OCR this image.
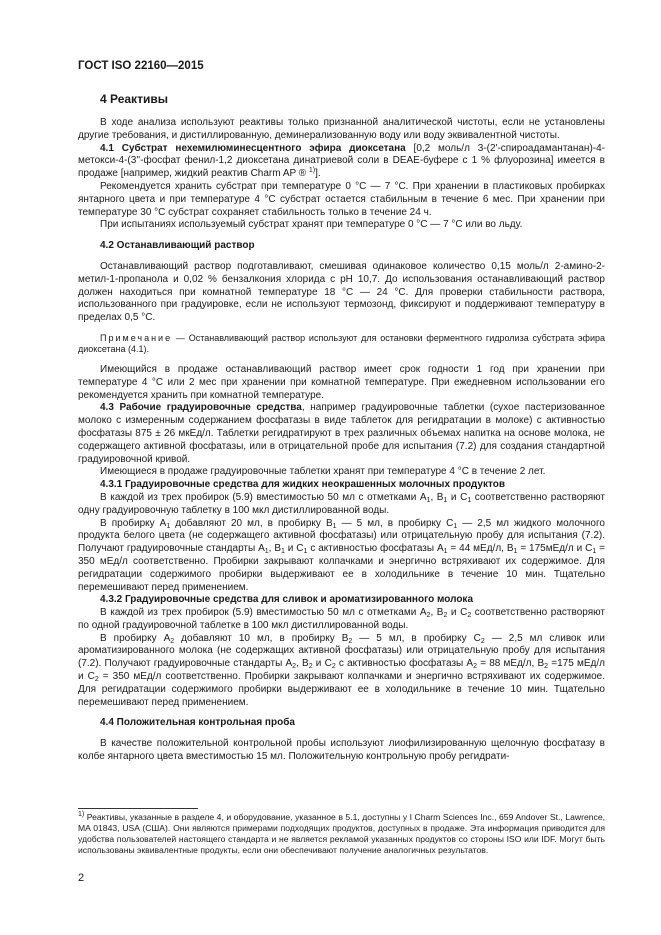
ГОСТ ISO 22160—2015

4 Реактивы

В ходе анализа используют реактивы только признанной аналитической чистоты, если не установлены другие требования, и дистиллированную, деминерализованную воду или воду эквивалентной чистоты.

4.1 Субстрат нехемилюминесцентного эфира диоксетана [0,2 моль/л 3-(2'-спироадамантанан)-4-метокси-4-(3''-фосфат фенил-1,2 диоксетана динатриевой соли в DEAE-буфере с 1 % флуорозина] имеется в продаже [например, жидкий реактив Charm AP ® $^{1)}$].

Рекомендуется хранить субстрат при температуре 0 °С — 7 °С. При хранении в пластиковых пробирках янтарного цвета и при температуре 4 °С субстрат остается стабильным в течение 6 мес. При хранении при температуре 30 °С субстрат сохраняет стабильность только в течение 24 ч.

При испытаниях используемый субстрат хранят при температуре 0 °С — 7 °С или во льду.

4.2 Останавливающий раствор

Останавливающий раствор подготавливают, смешивая одинаковое количество 0,15 моль/л 2-амино-2-метил-1-пропанола и 0,02 % бензалкония хлорида с pH 10,7. До использования останавливающий раствор должен находиться при комнатной температуре 18 °С — 24 °С. Для проверки стабильности раствора, использованного при градуировке, если не используют термозонд, фиксируют и поддерживают температуру в пределах 0,5 °С.

Примечание — Останавливающий раствор используют для остановки ферментного гидролиза субстрата эфира диоксетана (4.1).

Имеющийся в продаже останавливающий раствор имеет срок годности 1 год при хранении при температуре 4 °С или 2 мес при хранении при комнатной температуре. При ежедневном использовании его рекомендуется хранить при комнатной температуре.

4.3 Рабочие градуировочные средства, например градуировочные таблетки (сухое пастеризованное молоко с измеренным содержанием фосфатазы в виде таблеток для регидратации в молоке) с активностью фосфатазы 875 ± 26 мкЕд/л. Таблетки регидратируют в трех различных объемах напитка на основе молока, не содержащего активной фосфатазы, или в отрицательной пробе для испытания (7.2) для создания стандартной градуировочной кривой.

Имеющиеся в продаже градуировочные таблетки хранят при температуре 4 °С в течение 2 лет.

4.3.1 Градуировочные средства для жидких неокрашенных молочных продуктов

В каждой из трех пробирок (5.9) вместимостью 50 мл с отметками $A_1$, $B_1$ и $C_1$ соответственно растворяют одну градуировочную таблетку в 100 мкл дистиллированной воды.

В пробирку $A_1$ добавляют 20 мл, в пробирку $B_1$ — 5 мл, в пробирку $C_1$ — 2,5 мл жидкого молочного продукта белого цвета (не содержащего активной фосфатазы) или отрицательную пробу для испытания (7.2). Получают градуировочные стандарты $A_1$, $B_1$ и $C_1$ с активностью фосфатазы $A_1 = 44$ мЕд/л, $B_1 = 175мЕд/л$ и $C_1 = 350$ мЕд/л соответственно. Пробирки закрывают колпачками и энергично встряхивают их содержимое. Для регидратации содержимого пробирки выдерживают ее в холодильнике в течение 10 мин. Тщательно перемешивают перед применением.

4.3.2 Градуировочные средства для сливок и ароматизированного молока

В каждой из трех пробирок (5.9) вместимостью 50 мл с отметками $A_2$, $B_2$ и $C_2$ соответственно растворяют по одной градуировочной таблетке в 100 мкл дистиллированной воды.

В пробирку $A_2$ добавляют 10 мл, в пробирку $B_2$ — 5 мл, в пробирку $C_2$ — 2,5 мл сливок или ароматизированного молока (не содержащих активной фосфатазы) или отрицательную пробу для испытания (7.2). Получают градуировочные стандарты $A_2$, $B_2$ и $C_2$ с активностью фосфатазы $A_2 = 88$ мЕд/л, $B_2 =175$ мЕд/л и $C_2 = 350$ мЕд/л соответственно. Пробирки закрывают колпачками и энергично встряхивают их содержимое. Для регидратации содержимого пробирки выдерживают ее в холодильнике в течение 10 мин. Тщательно перемешивают перед применением.

4.4 Положительная контрольная проба

В качестве положительной контрольной пробы используют лиофилизированную щелочную фосфатазу в колбе янтарного цвета вместимостью 15 мл. Положительную контрольную пробу регидрати-

$^{1)}$ Реактивы, указанные в разделе 4, и оборудование, указанное в 5.1, доступны у I Charm Sciences Inc., 659 Andover St., Lawrence, MA 01843, USA (США). Они являются примерами подходящих продуктов, доступных в продаже. Эта информация приводится для удобства пользователей настоящего стандарта и не является рекламой указанных продуктов со стороны ISO или IDF. Могут быть использованы эквивалентные продукты, если они обеспечивают получение аналогичных результатов.
2
